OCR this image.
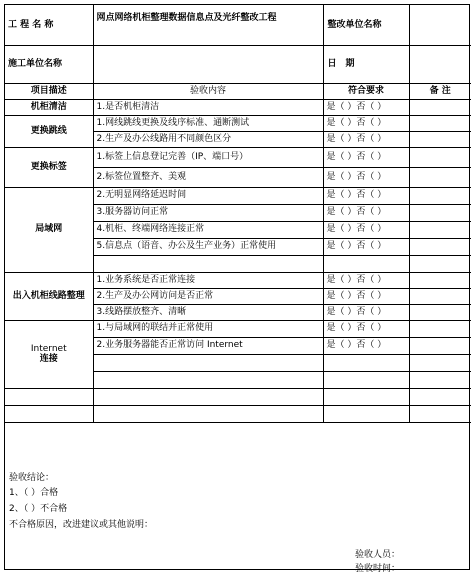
工 程 名 称	网点网络机柜整理数据信息点及光纤整改工程	整改单位名称	
施工单位名称		日　期	
项目描述	验收内容	符合要求	备 注
机柜清洁	1.是否机柜清洁	是（ ）否（ ）	
更换跳线	1.网线跳线更换及线序标准、通断测试	是（ ）否（ ）	
	2.生产及办公线路用不同颜色区分	是（ ）否（ ）	
更换标签	1.标签上信息登记完善（IP、端口号）	是（ ）否（ ）	
	2.标签位置整齐、美观	是（ ）否（ ）	
局域网	2.无明显网络延迟时间	是（ ）否（ ）	
	3.服务器访问正常	是（ ）否（ ）	
	4.机柜、终端网络连接正常	是（ ）否（ ）	
	5.信息点（语音、办公及生产业务）正常使用	是（ ）否（ ）	

出入机柜线路整理	1.业务系统是否正常连接	是（ ）否（ ）	
	2.生产及办公网访问是否正常	是（ ）否（ ）	
	3.线路摆放整齐、清晰	是（ ）否（ ）	

Internet
连接	1.与局域网的联结并正常使用	是（ ）否（ ）	
	2.业务服务器能否正常访问 Internet	是（ ）否（ ）	

验收结论：
1、（ ）合格
2、（ ）不合格
不合格原因，改进建议或其他说明：
验收人员：
验收时间：
